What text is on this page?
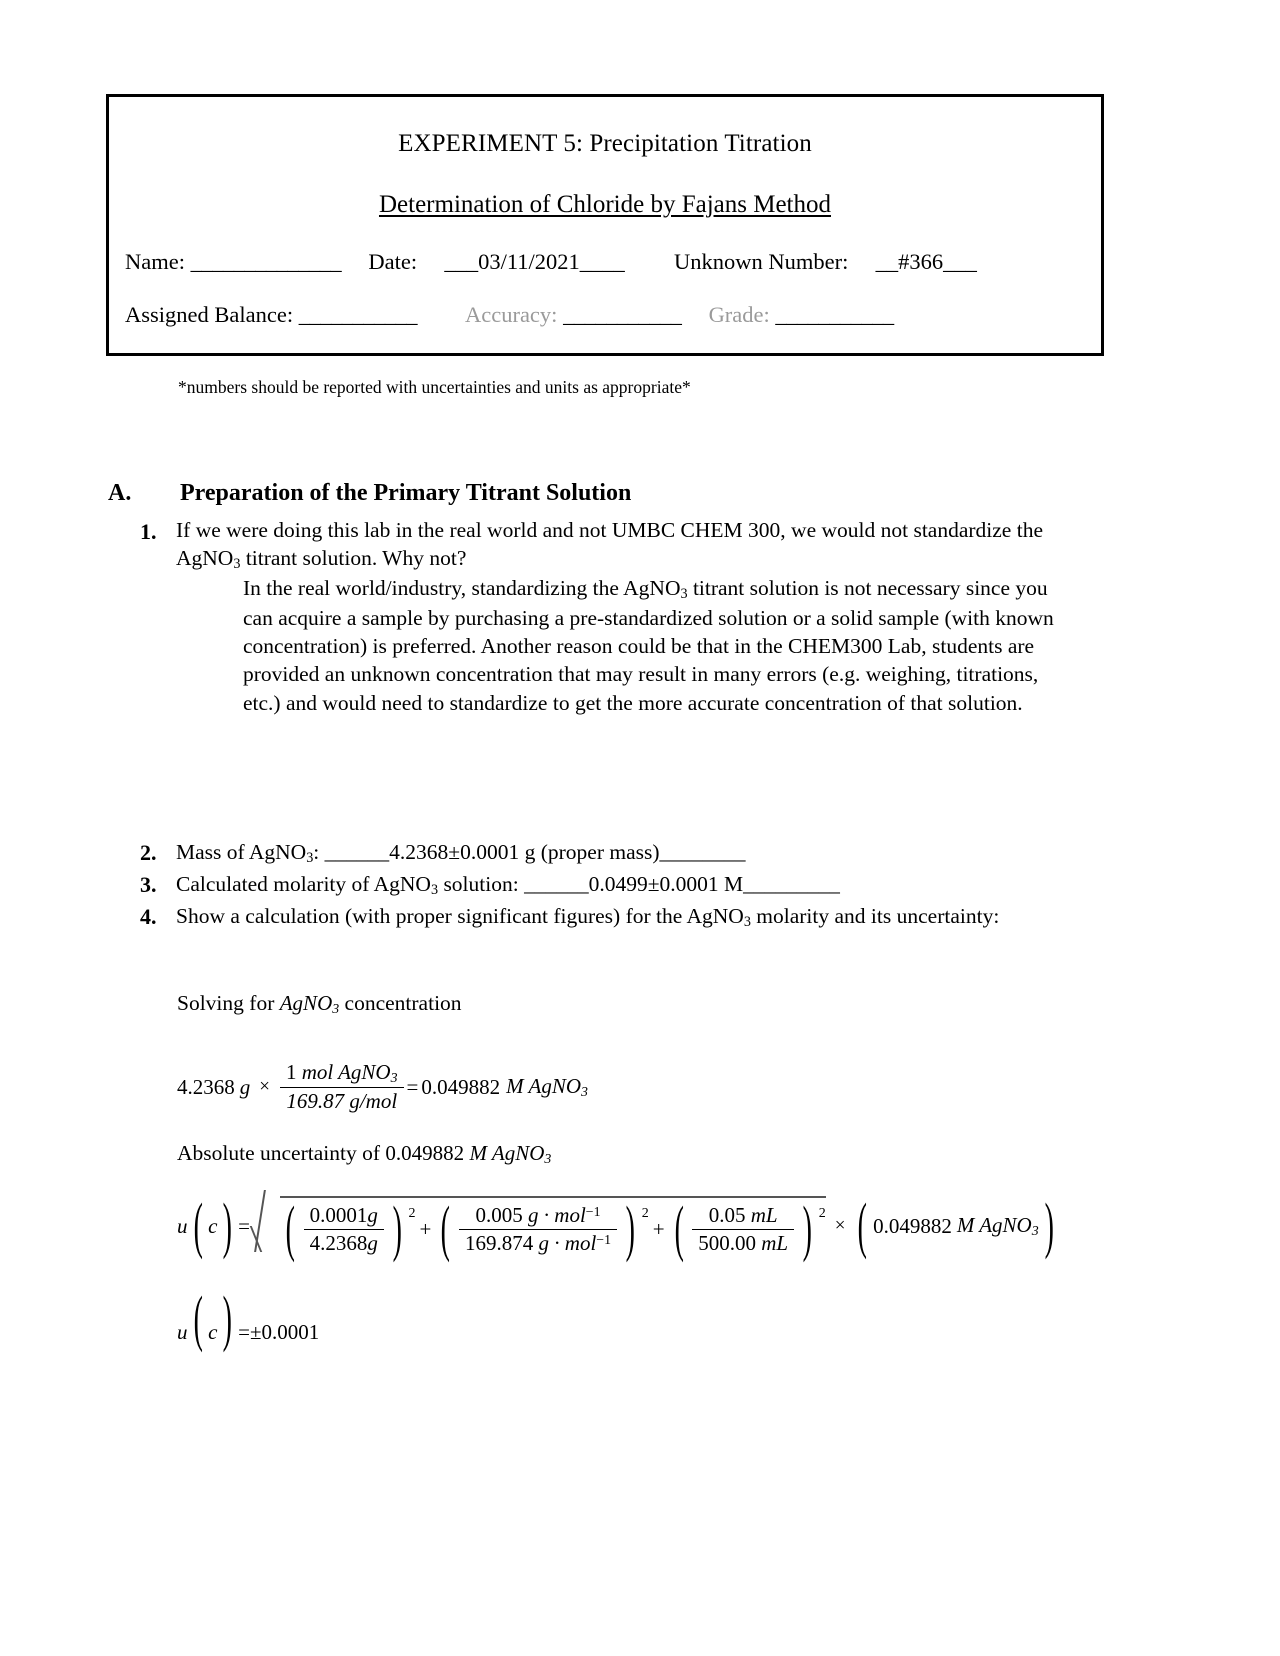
EXPERIMENT 5: Precipitation Titration
Determination of Chloride by Fajans Method
Name: ______________ Date: ___03/11/2021____ Unknown Number: __#366___
Assigned Balance: ___________ Accuracy: ___________ Grade: ___________
*numbers should be reported with uncertainties and units as appropriate*
A. Preparation of the Primary Titrant Solution
1. If we were doing this lab in the real world and not UMBC CHEM 300, we would not standardize the AgNO$_3$ titrant solution. Why not?
In the real world/industry, standardizing the AgNO$_3$ titrant solution is not necessary since you can acquire a sample by purchasing a pre-standardized solution or a solid sample (with known concentration) is preferred. Another reason could be that in the CHEM300 Lab, students are provided an unknown concentration that may result in many errors (e.g. weighing, titrations, etc.) and would need to standardize to get the more accurate concentration of that solution.
2. Mass of AgNO$_3$: ______4.2368±0.0001 g (proper mass)________
3. Calculated molarity of AgNO$_3$ solution: ______0.0499±0.0001 M_________
4. Show a calculation (with proper significant figures) for the AgNO$_3$ molarity and its uncertainty:
Solving for AgNO$_3$ concentration
4.2368 $g \times \frac{1 mol AgNO_3}{\text{169.87 g/mol}} = 0.049882$ M AgNO$_3$
Absolute uncertainty of 0.049882 M AgNO$_3$
u ( c ) = ( $\frac{0.0001g}{4.2368g}$ ) 2
+ ( $\frac{0.005 g \cdot mol^{-1}}{169.874 g \cdot mol^{-1}}$ ) 2
+ ( $\frac{0.05 mL}{500.00 mL}$ ) 2
× ( 0.049882 M AgNO$_3$ )
u( c) =±0.0001
